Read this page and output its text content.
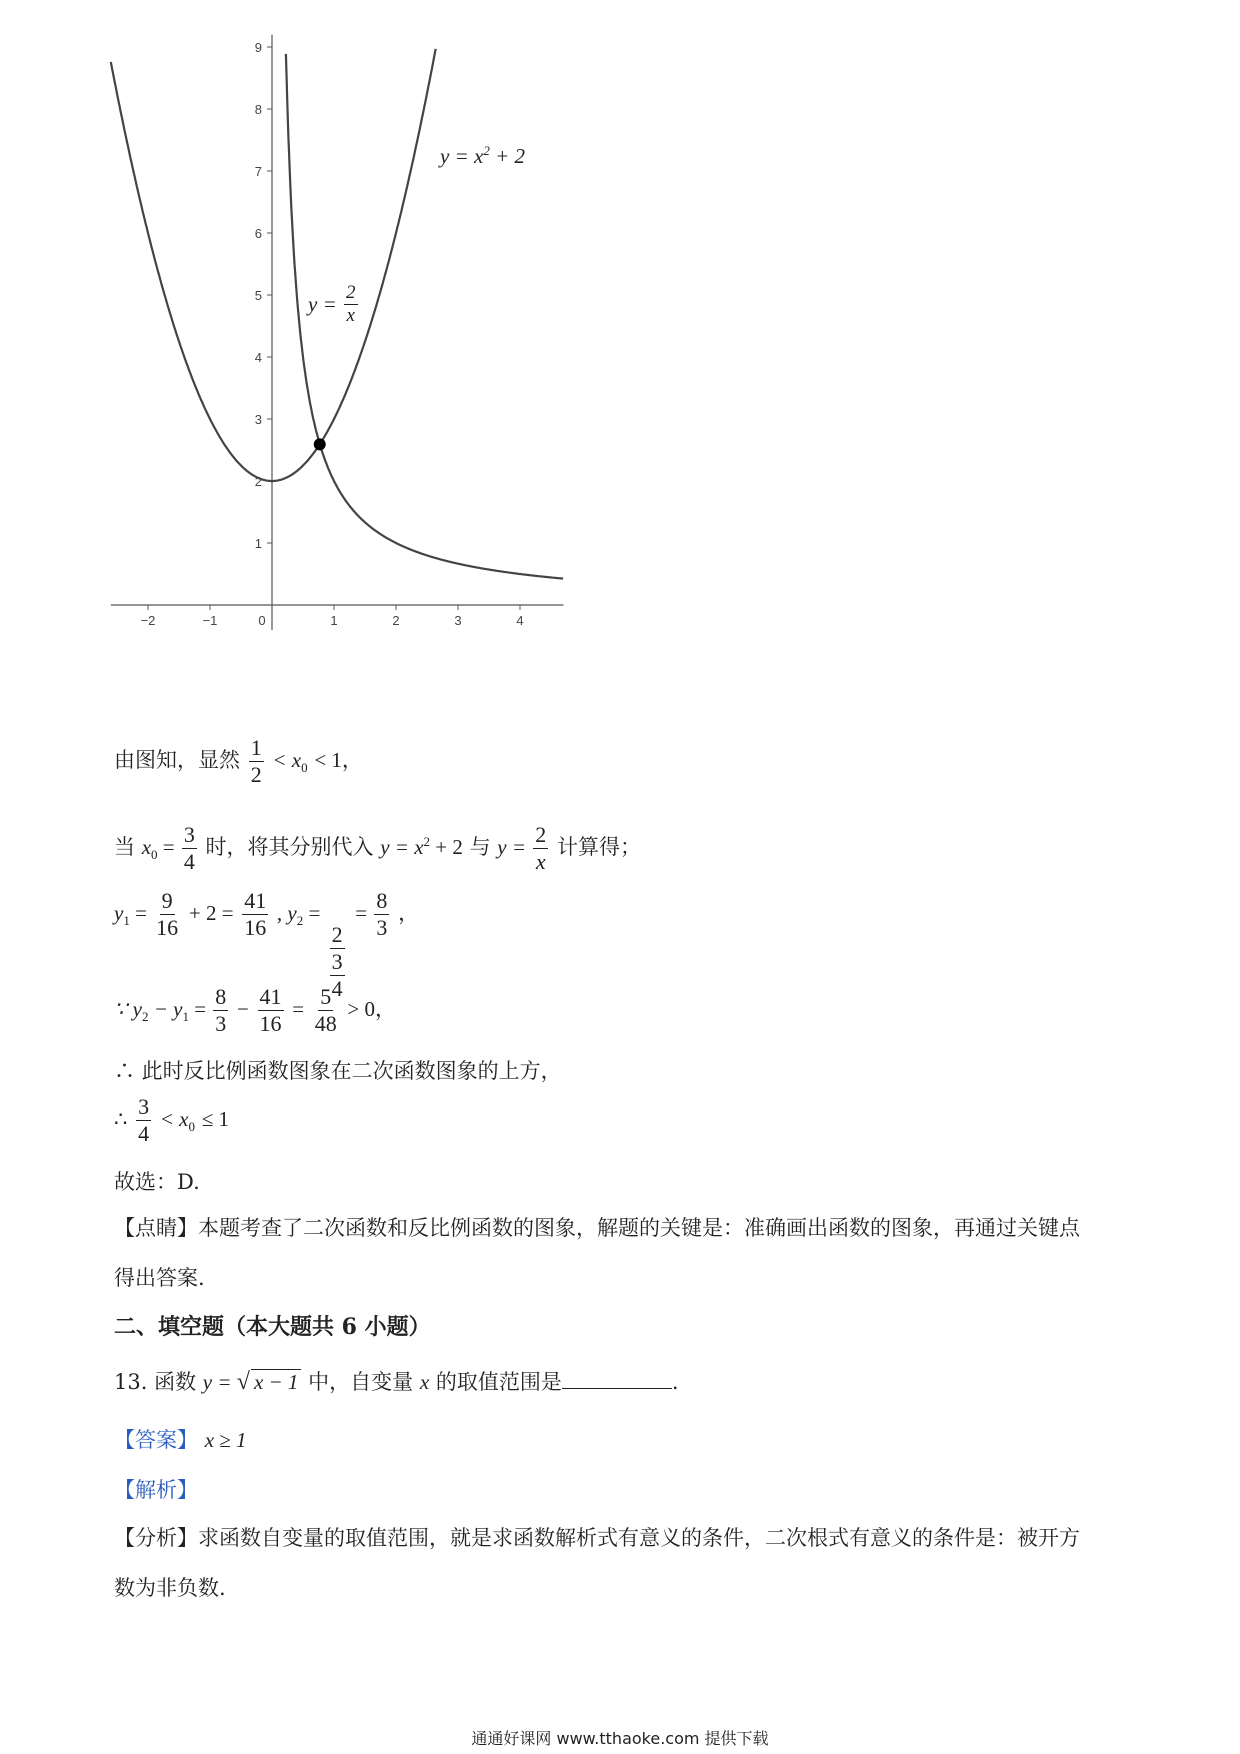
−2	−1	0	1	2	3	4
1
2
3
4
5
6
7
8
9
$y = x^2 + 2$
$y = \frac{2}{x}$
由图知，显然 $\frac{1}{2} < x_0 < 1$，
当 $x_0 = \frac{3}{4}$ 时，将其分别代入 $y = x^2 + 2$ 与 $y = \frac{2}{x}$ 计算得；
$y_1 = \frac{9}{16} + 2 = \frac{41}{16}$ , $y_2$ =
2
3
4
= $\frac{8}{3}$ ，
∵ $y_2 - y_1 = \frac{8}{3} - \frac{41}{16} = \frac{5}{48} > 0$，
∴ 此时反比例函数图象在二次函数图象的上方，
∴ $\frac{3}{4} < x_0 \le 1$
故选：D.
【点睛】本题考查了二次函数和反比例函数的图象，解题的关键是：准确画出函数的图象，再通过关键点
得出答案.
二、填空题（本大题共 6 小题）
13. 函数 y = √ x − 1 中，自变量 x 的取值范围是	.
【答案】 x ≥ 1
【解析】
【分析】求函数自变量的取值范围，就是求函数解析式有意义的条件，二次根式有意义的条件是：被开方
数为非负数.
通通好课网 www.tthaoke.com 提供下载
